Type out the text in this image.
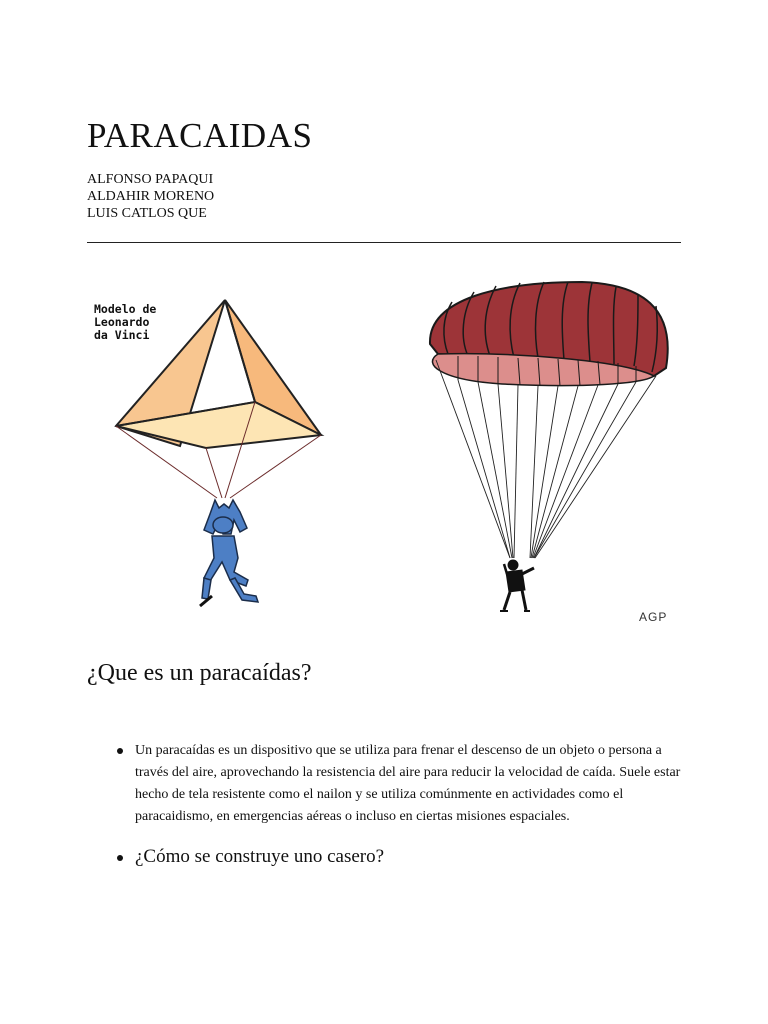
PARACAIDAS
ALFONSO PAPAQUI
ALDAHIR MORENO
LUIS CATLOS QUE
Modelo de Leonardo da Vinci
AGP
¿Que es un paracaídas?
Un paracaídas es un dispositivo que se utiliza para frenar el descenso de un objeto o persona a través del aire, aprovechando la resistencia del aire para reducir la velocidad de caída. Suele estar hecho de tela resistente como el nailon y se utiliza comúnmente en actividades como el paracaidismo, en emergencias aéreas o incluso en ciertas misiones espaciales.
¿Cómo se construye uno casero?
